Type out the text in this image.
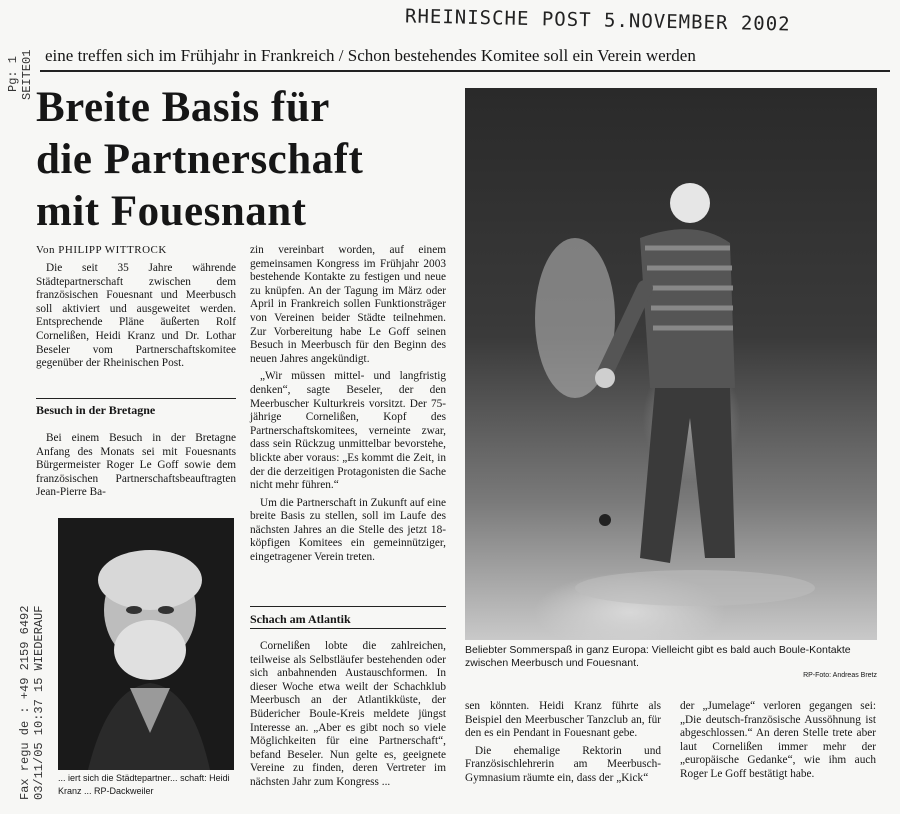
RHEINISCHE POST 5.NOVEMBER 2002
Pg: 1 SEITE01
Fax regu de : +49 2159 6492 03/11/05 10:37 15 WIEDERAUF
eine treffen sich im Frühjahr in Frankreich / Schon bestehendes Komitee soll ein Verein werden
Breite Basis für
die Partnerschaft
mit Fouesnant
Von PHILIPP WITTROCK

Die seit 35 Jahre währende Städtepartnerschaft zwischen dem französischen Fouesnant und Meerbusch soll aktiviert und ausgeweitet werden. Entsprechende Pläne äußerten Rolf Cornelißen, Heidi Kranz und Dr. Lothar Beseler vom Partnerschaftskomitee gegenüber der Rheinischen Post.

Besuch in der Bretagne

Bei einem Besuch in der Bretagne Anfang des Monats sei mit Fouesnants Bürgermeister Roger Le Goff sowie dem französischen Partnerschaftsbeauftragten Jean-Pierre Ba-

... iert sich die Städtepartner... schaft: Heidi Kranz ... RP-Dackweiler

zin vereinbart worden, auf einem gemeinsamen Kongress im Frühjahr 2003 bestehende Kontakte zu festigen und neue zu knüpfen. An der Tagung im März oder April in Frankreich sollen Funktionsträger von Vereinen beider Städte teilnehmen. Zur Vorbereitung habe Le Goff seinen Besuch in Meerbusch für den Beginn des neuen Jahres angekündigt.

„Wir müssen mittel- und langfristig denken“, sagte Beseler, der den Meerbuscher Kulturkreis vorsitzt. Der 75-jährige Cornelißen, Kopf des Partnerschaftskomitees, verneinte zwar, dass sein Rückzug unmittelbar bevorstehe, blickte aber voraus: „Es kommt die Zeit, in der die derzeitigen Protagonisten die Sache nicht mehr führen.“

Um die Partnerschaft in Zukunft auf eine breite Basis zu stellen, soll im Laufe des nächsten Jahres an die Stelle des jetzt 18-köpfigen Komitees ein gemeinnütziger, eingetragener Verein treten.

Schach am Atlantik

Cornelißen lobte die zahlreichen, teilweise als Selbstläufer bestehenden oder sich anbahnenden Austauschformen. In dieser Woche etwa weilt der Schachklub Meerbusch an der Atlantikküste, der Büdericher Boule-Kreis meldete jüngst Interesse an. „Aber es gibt noch so viele Möglichkeiten für eine Partnerschaft“, befand Beseler. Nun gelte es, geeignete Vereine zu finden, deren Vertreter im nächsten Jahr zum Kongress ...

Beliebter Sommerspaß in ganz Europa: Vielleicht gibt es bald auch Boule-Kontakte zwischen Meerbusch und Fouesnant.
RP-Foto: Andreas Bretz

sen könnten. Heidi Kranz führte als Beispiel den Meerbuscher Tanzclub an, für den es ein Pendant in Fouesnant gebe.

Die ehemalige Rektorin und Französischlehrerin am Meerbusch-Gymnasium räumte ein, dass der „Kick“

der „Jumelage“ verloren gegangen sei: „Die deutsch-französische Aussöhnung ist abgeschlossen.“ An deren Stelle trete aber laut Cornelißen immer mehr der „europäische Gedanke“, wie ihm auch Roger Le Goff bestätigt habe.
